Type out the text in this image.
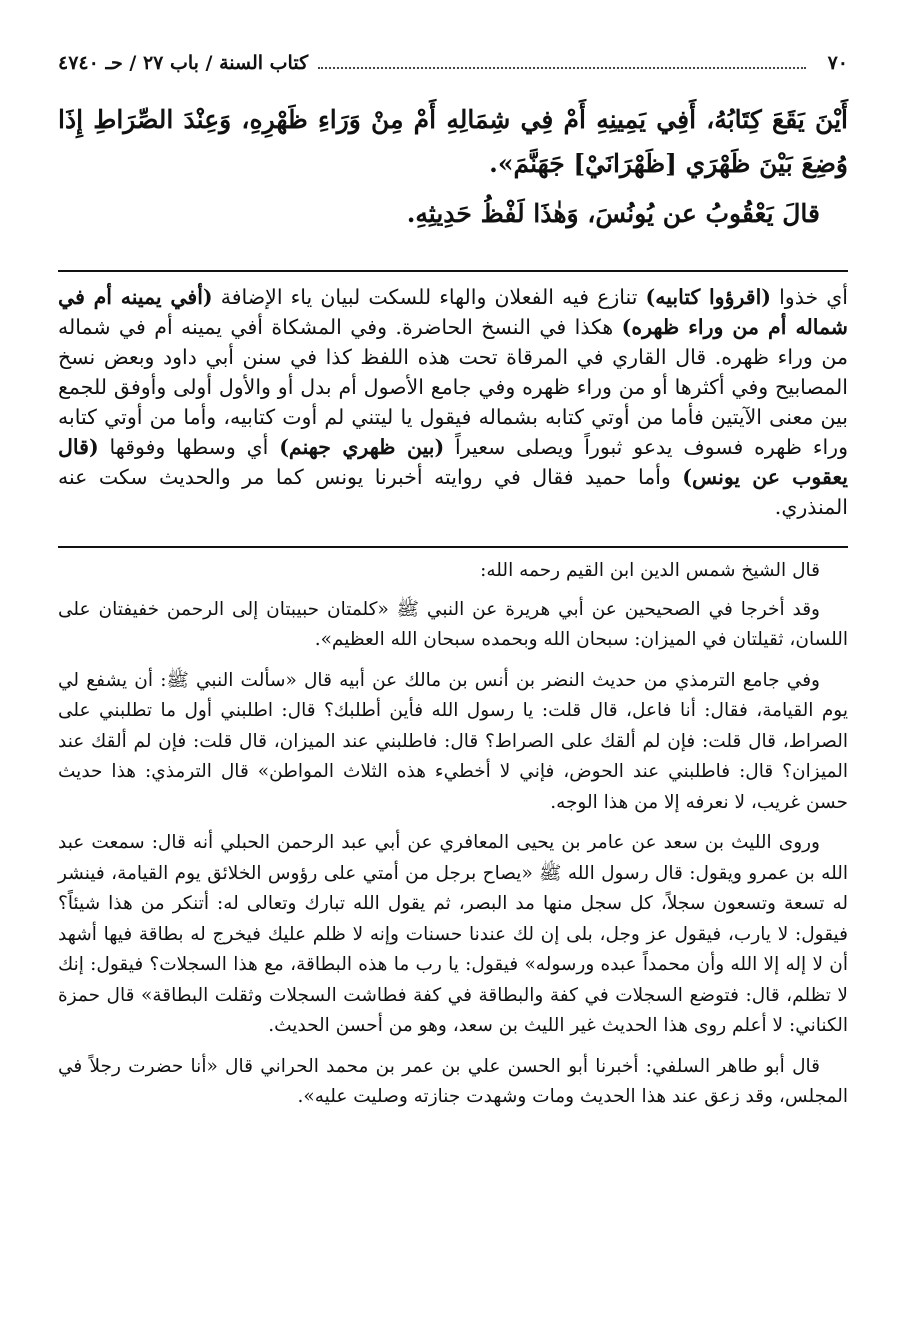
٧٠
كتاب السنة / باب ٢٧ / حـ ٤٧٤٠
أَيْنَ يَقَعَ كِتَابُهُ، أَفِي يَمِينِهِ أَمْ فِي شِمَالِهِ أَمْ مِنْ وَرَاءِ ظَهْرِهِ، وَعِنْدَ الصِّرَاطِ إِذَا وُضِعَ بَيْنَ ظَهْرَي [ظَهْرَانَيْ] جَهَنَّمَ».
قالَ يَعْقُوبُ عن يُونُسَ، وَهٰذَا لَفْظُ حَدِيثِهِ.

أي خذوا (اقرؤوا كتابيه) تنازع فيه الفعلان والهاء للسكت لبيان ياء الإضافة (أفي يمينه أم في شماله أم من وراء ظهره) هكذا في النسخ الحاضرة. وفي المشكاة أفي يمينه أم في شماله من وراء ظهره. قال القاري في المرقاة تحت هذه اللفظ كذا في سنن أبي داود وبعض نسخ المصابيح وفي أكثرها أو من وراء ظهره وفي جامع الأصول أم بدل أو والأول أولى وأوفق للجمع بين معنى الآيتين فأما من أوتي كتابه بشماله فيقول يا ليتني لم أوت كتابيه، وأما من أوتي كتابه وراء ظهره فسوف يدعو ثبوراً ويصلى سعيراً (بين ظهري جهنم) أي وسطها وفوقها (قال يعقوب عن يونس) وأما حميد فقال في روايته أخبرنا يونس كما مر والحديث سكت عنه المنذري.

قال الشيخ شمس الدين ابن القيم رحمه الله:

وقد أخرجا في الصحيحين عن أبي هريرة عن النبي ﷺ «كلمتان حبيبتان إلى الرحمن خفيفتان على اللسان، ثقيلتان في الميزان: سبحان الله وبحمده سبحان الله العظيم».

وفي جامع الترمذي من حديث النضر بن أنس بن مالك عن أبيه قال «سألت النبي ﷺ: أن يشفع لي يوم القيامة، فقال: أنا فاعل، قال قلت: يا رسول الله فأين أطلبك؟ قال: اطلبني أول ما تطلبني على الصراط، قال قلت: فإن لم ألقك على الصراط؟ قال: فاطلبني عند الميزان، قال قلت: فإن لم ألقك عند الميزان؟ قال: فاطلبني عند الحوض، فإني لا أخطيء هذه الثلاث المواطن» قال الترمذي: هذا حديث حسن غريب، لا نعرفه إلا من هذا الوجه.

وروى الليث بن سعد عن عامر بن يحيى المعافري عن أبي عبد الرحمن الحبلي أنه قال: سمعت عبد الله بن عمرو ويقول: قال رسول الله ﷺ «يصاح برجل من أمتي على رؤوس الخلائق يوم القيامة، فينشر له تسعة وتسعون سجلاً، كل سجل منها مد البصر، ثم يقول الله تبارك وتعالى له: أتنكر من هذا شيئاً؟ فيقول: لا يارب، فيقول عز وجل، بلى إن لك عندنا حسنات وإنه لا ظلم عليك فيخرج له بطاقة فيها أشهد أن لا إله إلا الله وأن محمداً عبده ورسوله» فيقول: يا رب ما هذه البطاقة، مع هذا السجلات؟ فيقول: إنك لا تظلم، قال: فتوضع السجلات في كفة والبطاقة في كفة فطاشت السجلات وثقلت البطاقة» قال حمزة الكناني: لا أعلم روى هذا الحديث غير الليث بن سعد، وهو من أحسن الحديث.

قال أبو طاهر السلفي: أخبرنا أبو الحسن علي بن عمر بن محمد الحراني قال «أنا حضرت رجلاً في المجلس، وقد زعق عند هذا الحديث ومات وشهدت جنازته وصليت عليه».
